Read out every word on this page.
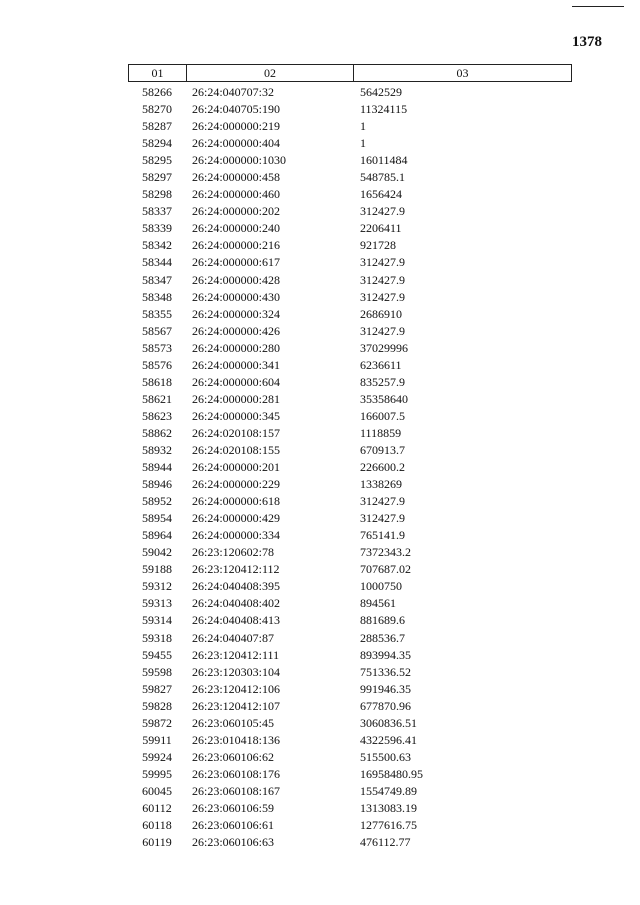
1378
01	02	03
58266	26:24:040707:32	5642529
58270	26:24:040705:190	11324115
58287	26:24:000000:219	1
58294	26:24:000000:404	1
58295	26:24:000000:1030	16011484
58297	26:24:000000:458	548785.1
58298	26:24:000000:460	1656424
58337	26:24:000000:202	312427.9
58339	26:24:000000:240	2206411
58342	26:24:000000:216	921728
58344	26:24:000000:617	312427.9
58347	26:24:000000:428	312427.9
58348	26:24:000000:430	312427.9
58355	26:24:000000:324	2686910
58567	26:24:000000:426	312427.9
58573	26:24:000000:280	37029996
58576	26:24:000000:341	6236611
58618	26:24:000000:604	835257.9
58621	26:24:000000:281	35358640
58623	26:24:000000:345	166007.5
58862	26:24:020108:157	1118859
58932	26:24:020108:155	670913.7
58944	26:24:000000:201	226600.2
58946	26:24:000000:229	1338269
58952	26:24:000000:618	312427.9
58954	26:24:000000:429	312427.9
58964	26:24:000000:334	765141.9
59042	26:23:120602:78	7372343.2
59188	26:23:120412:112	707687.02
59312	26:24:040408:395	1000750
59313	26:24:040408:402	894561
59314	26:24:040408:413	881689.6
59318	26:24:040407:87	288536.7
59455	26:23:120412:111	893994.35
59598	26:23:120303:104	751336.52
59827	26:23:120412:106	991946.35
59828	26:23:120412:107	677870.96
59872	26:23:060105:45	3060836.51
59911	26:23:010418:136	4322596.41
59924	26:23:060106:62	515500.63
59995	26:23:060108:176	16958480.95
60045	26:23:060108:167	1554749.89
60112	26:23:060106:59	1313083.19
60118	26:23:060106:61	1277616.75
60119	26:23:060106:63	476112.77
